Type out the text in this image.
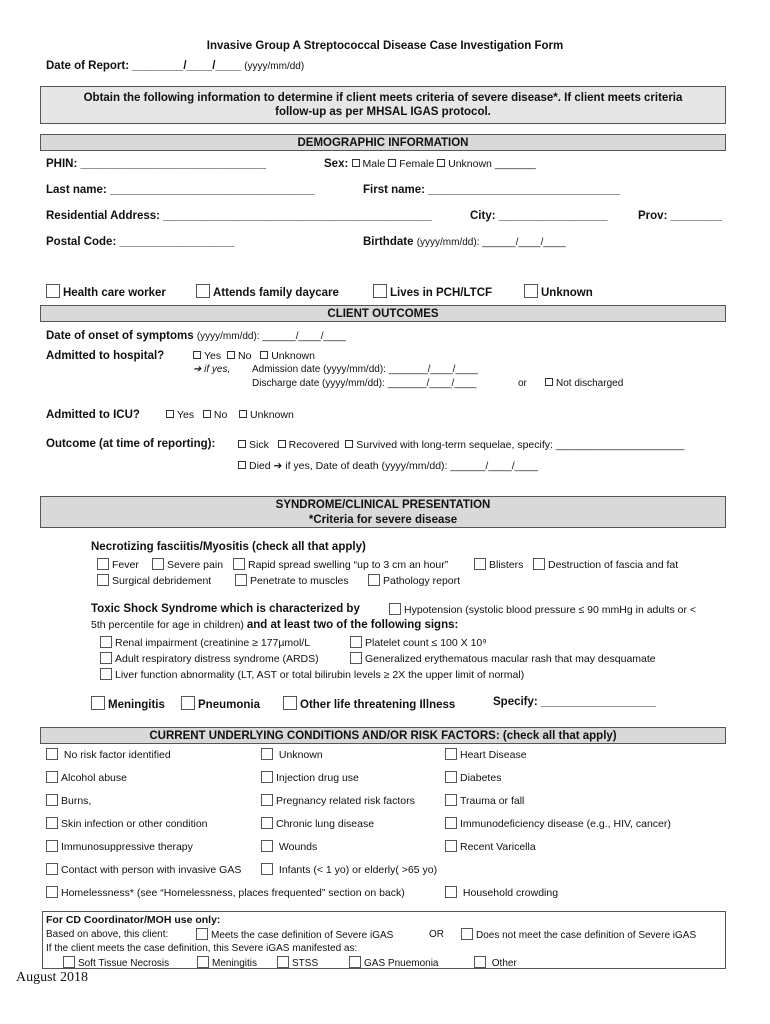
Invasive Group A Streptococcal Disease Case Investigation Form
Date of Report: ________/____/____ (yyyy/mm/dd)
Obtain the following information to determine if client meets criteria of severe disease*. If client meets criteria
follow-up as per MHSAL IGAS protocol.
DEMOGRAPHIC INFORMATION
PHIN: _____________________________	Sex: Male Female Unknown _______
Last name: ________________________________	First name: ______________________________
Residential Address: __________________________________________	City: _________________	Prov: ________
Postal Code: __________________	Birthdate (yyyy/mm/dd): ______/____/____
Health care worker	Attends family daycare	Lives in PCH/LTCF	Unknown
CLIENT OUTCOMES
Date of onset of symptoms (yyyy/mm/dd): ______/____/____
Admitted to hospital?	Yes No Unknown
➔ if yes, Admission date (yyyy/mm/dd): _______/____/____
Discharge date (yyyy/mm/dd): _______/____/____	or	Not discharged
Admitted to ICU?	Yes No Unknown
Outcome (at time of reporting):	Sick Recovered Survived with long-term sequelae, specify: ______________________
Died ➔ if yes, Date of death (yyyy/mm/dd): ______/____/____
SYNDROME/CLINICAL PRESENTATION
*Criteria for severe disease
Necrotizing fasciitis/Myositis (check all that apply)
Fever	Severe pain	Rapid spread swelling “up to 3 cm an hour”	Blisters	Destruction of fascia and fat
Surgical debridement	Penetrate to muscles	Pathology report
Toxic Shock Syndrome which is characterized by	Hypotension (systolic blood pressure ≤ 90 mmHg in adults or <
5th percentile for age in children) and at least two of the following signs:
Renal impairment (creatinine ≥ 177µmol/L	Platelet count ≤ 100 X 10⁹
Adult respiratory distress syndrome (ARDS)	Generalized erythematous macular rash that may desquamate
Liver function abnormality (LT, AST or total bilirubin levels ≥ 2X the upper limit of normal)
Meningitis	Pneumonia	Other life threatening Illness	Specify: __________________
CURRENT UNDERLYING CONDITIONS AND/OR RISK FACTORS: (check all that apply)
No risk factor identified	Unknown	Heart Disease
Alcohol abuse	Injection drug use	Diabetes
Burns,	Pregnancy related risk factors	Trauma or fall
Skin infection or other condition	Chronic lung disease	Immunodeficiency disease (e.g., HIV, cancer)
Immunosuppressive therapy	Wounds	Recent Varicella
Contact with person with invasive GAS	Infants (< 1 yo) or elderly( >65 yo)
Homelessness* (see “Homelessness, places frequented” section on back)	Household crowding
For CD Coordinator/MOH use only:
Based on above, this client:	Meets the case definition of Severe iGAS	OR	Does not meet the case definition of Severe iGAS
If the client meets the case definition, this Severe iGAS manifested as:
Soft Tissue Necrosis	Meningitis	STSS	GAS Pnuemonia	Other
August 2018
